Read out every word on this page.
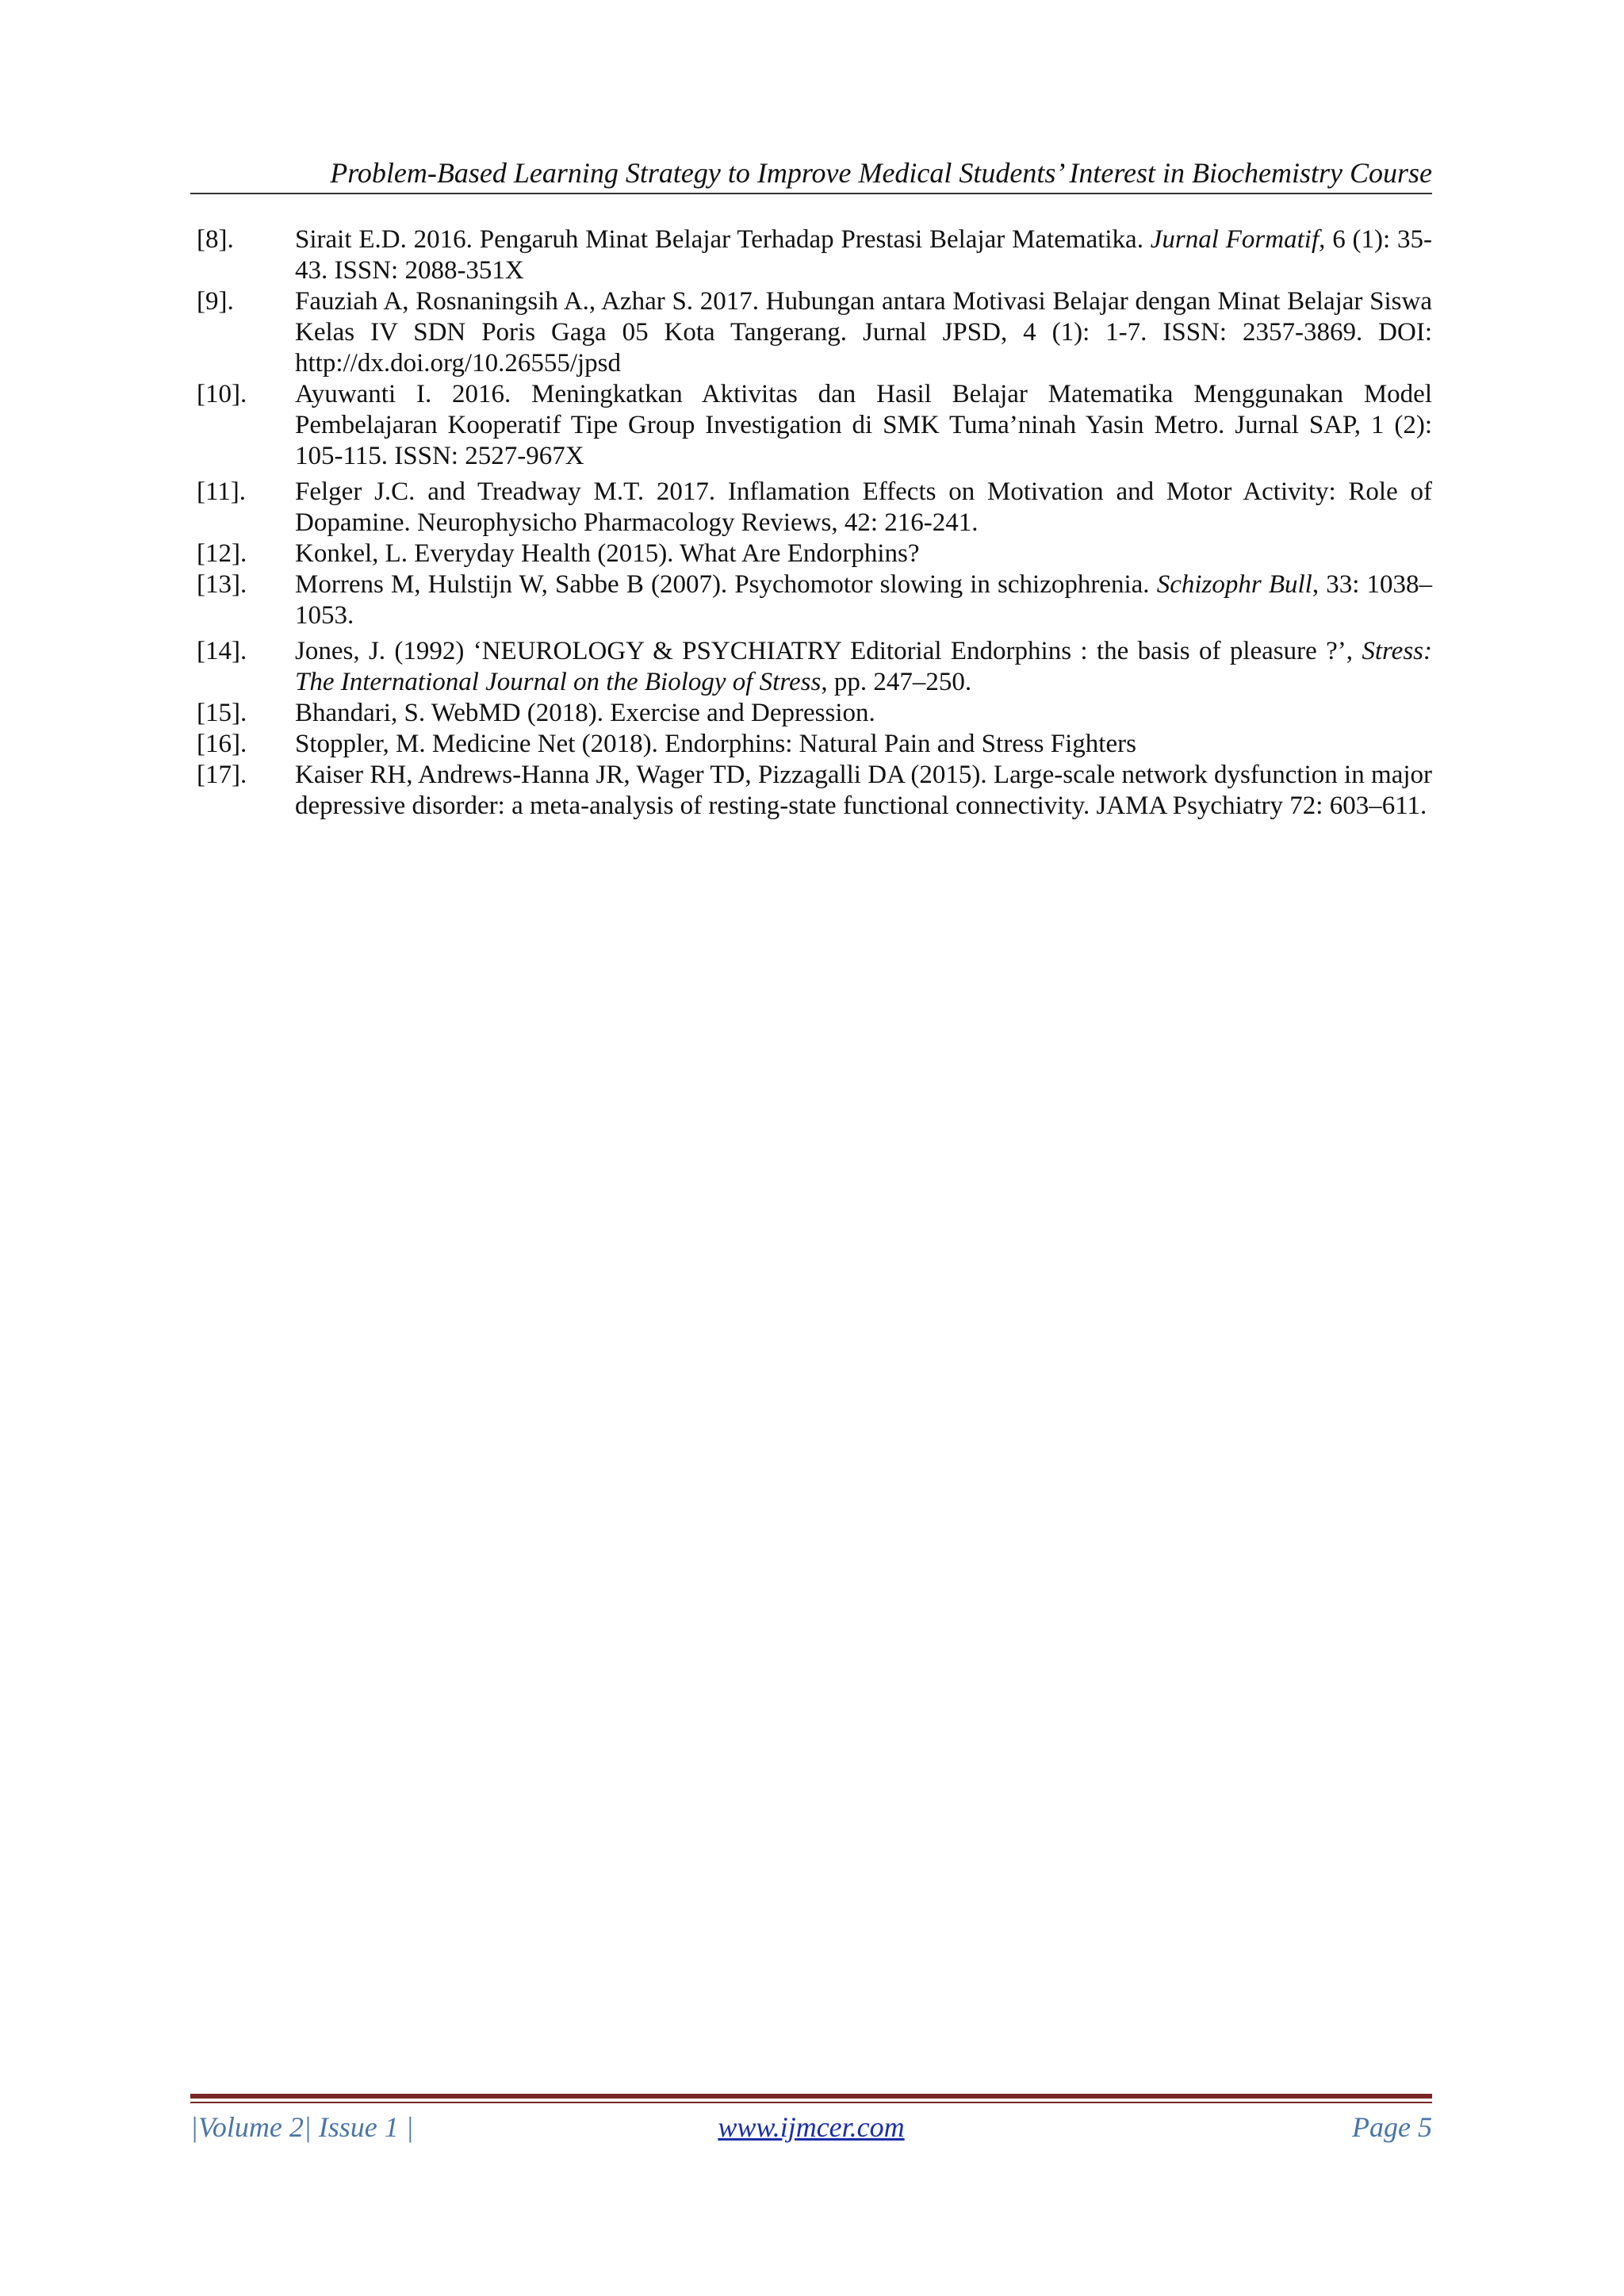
Problem-Based Learning Strategy to Improve Medical Students’ Interest in Biochemistry Course
[8].	Sirait E.D. 2016. Pengaruh Minat Belajar Terhadap Prestasi Belajar Matematika. Jurnal Formatif, 6 (1): 35-43. ISSN: 2088-351X
[9].	Fauziah A, Rosnaningsih A., Azhar S. 2017. Hubungan antara Motivasi Belajar dengan Minat Belajar Siswa Kelas IV SDN Poris Gaga 05 Kota Tangerang. Jurnal JPSD, 4 (1): 1-7. ISSN: 2357-3869. DOI: http://dx.doi.org/10.26555/jpsd
[10].	Ayuwanti I. 2016. Meningkatkan Aktivitas dan Hasil Belajar Matematika Menggunakan Model Pembelajaran Kooperatif Tipe Group Investigation di SMK Tuma’ninah Yasin Metro. Jurnal SAP, 1 (2): 105-115. ISSN: 2527-967X
[11].	Felger J.C. and Treadway M.T. 2017. Inflamation Effects on Motivation and Motor Activity: Role of Dopamine. Neurophysicho Pharmacology Reviews, 42: 216-241.
[12].	Konkel, L. Everyday Health (2015). What Are Endorphins?
[13].	Morrens M, Hulstijn W, Sabbe B (2007). Psychomotor slowing in schizophrenia. Schizophr Bull, 33: 1038–1053.
[14].	Jones, J. (1992) ‘NEUROLOGY & PSYCHIATRY Editorial Endorphins : the basis of pleasure ?’, Stress: The International Journal on the Biology of Stress, pp. 247–250.
[15].	Bhandari, S. WebMD (2018). Exercise and Depression.
[16].	Stoppler, M. Medicine Net (2018). Endorphins: Natural Pain and Stress Fighters
[17].	Kaiser RH, Andrews-Hanna JR, Wager TD, Pizzagalli DA (2015). Large-scale network dysfunction in major depressive disorder: a meta-analysis of resting-state functional connectivity. JAMA Psychiatry 72: 603–611.
|Volume 2| Issue 1 |	www.ijmcer.com	Page 5
